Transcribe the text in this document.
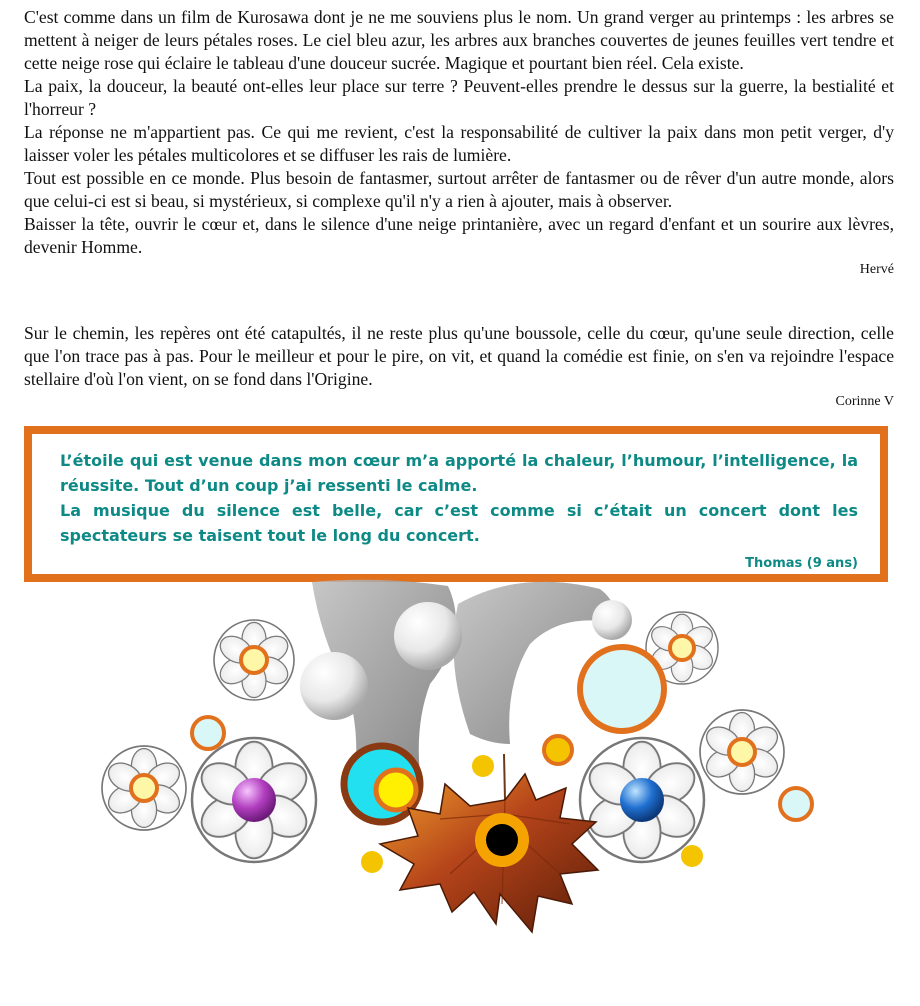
C'est comme dans un film de Kurosawa dont je ne me souviens plus le nom. Un grand verger au printemps : les arbres se mettent à neiger de leurs pétales roses. Le ciel bleu azur, les arbres aux branches couvertes de jeunes feuilles vert tendre et cette neige rose qui éclaire le tableau d'une douceur sucrée. Magique et pourtant bien réel. Cela existe.

La paix, la douceur, la beauté ont-elles leur place sur terre ? Peuvent-elles prendre le dessus sur la guerre, la bestialité et l'horreur ?

La réponse ne m'appartient pas. Ce qui me revient, c'est la responsabilité de cultiver la paix dans mon petit verger, d'y laisser voler les pétales multicolores et se diffuser les rais de lumière.

Tout est possible en ce monde. Plus besoin de fantasmer, surtout arrêter de fantasmer ou de rêver d'un autre monde, alors que celui-ci est si beau, si mystérieux, si complexe qu'il n'y a rien à ajouter, mais à observer.

Baisser la tête, ouvrir le cœur et, dans le silence d'une neige printanière, avec un regard d'enfant et un sourire aux lèvres, devenir Homme.

Hervé

Sur le chemin, les repères ont été catapultés, il ne reste plus qu'une boussole, celle du cœur, qu'une seule direction, celle que l'on trace pas à pas. Pour le meilleur et pour le pire, on vit, et quand la comédie est finie, on s'en va rejoindre l'espace stellaire d'où l'on vient, on se fond dans l'Origine.

Corinne V

L’étoile qui est venue dans mon cœur m’a apporté la chaleur, l’humour, l’intelligence, la réussite. Tout d’un coup j’ai ressenti le calme.

La musique du silence est belle, car c’est comme si c’était un concert dont les spectateurs se taisent tout le long du concert.

Thomas (9 ans)
